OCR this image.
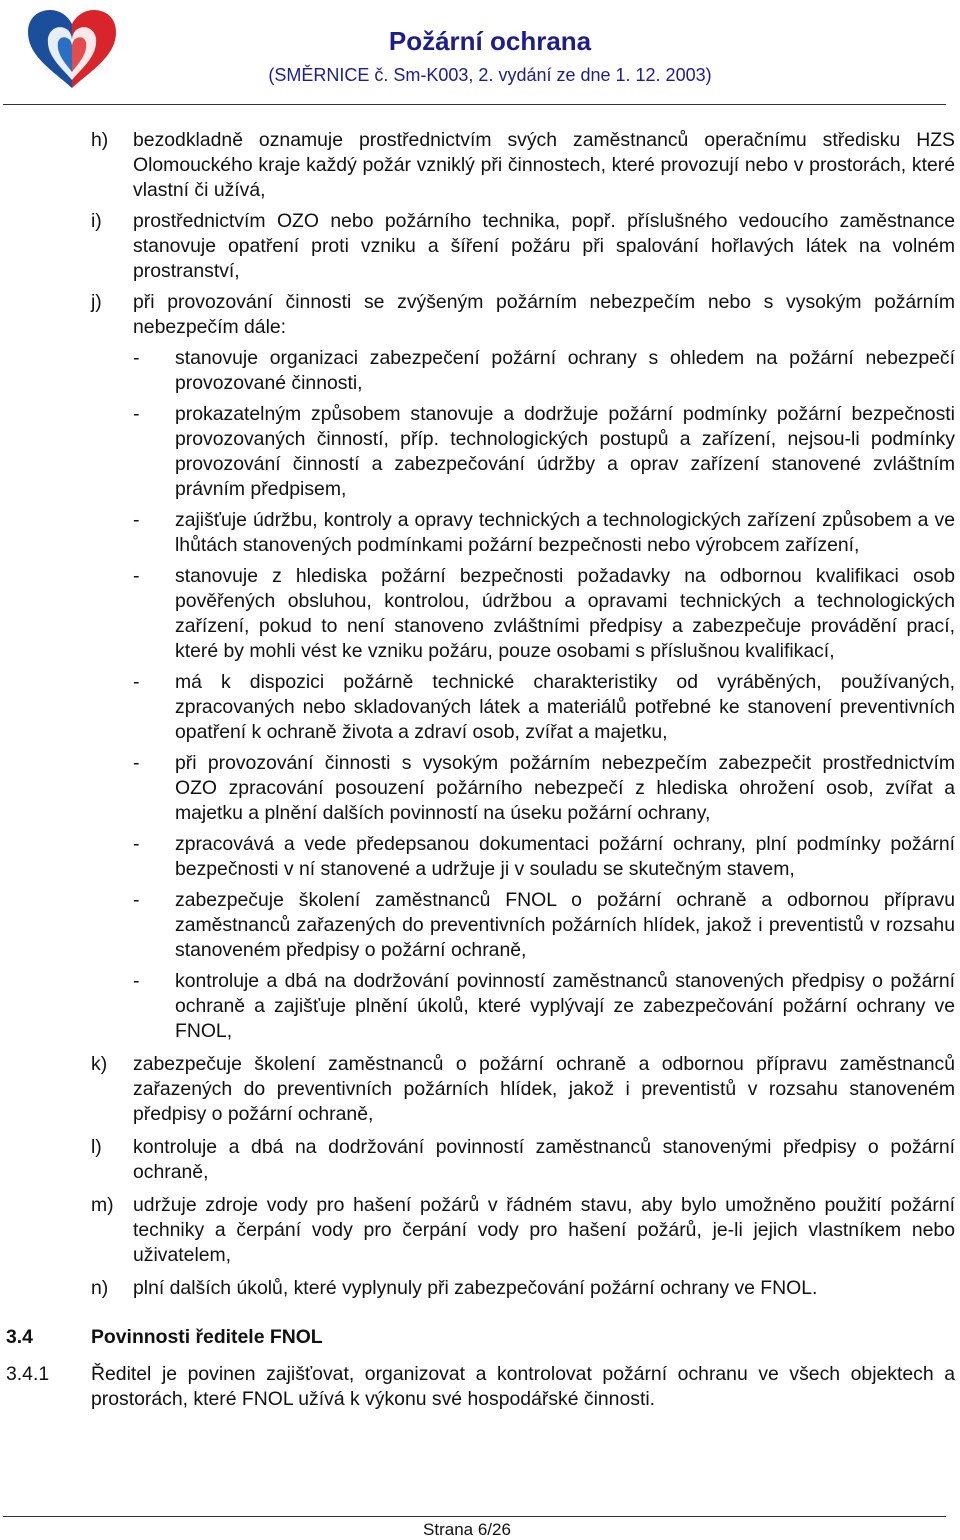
Požární ochrana
(SMĚRNICE č. Sm-K003, 2. vydání ze dne 1. 12. 2003)
h) bezodkladně oznamuje prostřednictvím svých zaměstnanců operačnímu středisku HZS Olomouckého kraje každý požár vzniklý při činnostech, které provozují nebo v prostorách, které vlastní či užívá,
i) prostřednictvím OZO nebo požárního technika, popř. příslušného vedoucího zaměstnance stanovuje opatření proti vzniku a šíření požáru při spalování hořlavých látek na volném prostranství,
j) při provozování činnosti se zvýšeným požárním nebezpečím nebo s vysokým požárním nebezpečím dále:
- stanovuje organizaci zabezpečení požární ochrany s ohledem na požární nebezpečí provozované činnosti,
- prokazatelným způsobem stanovuje a dodržuje požární podmínky požární bezpečnosti provozovaných činností, příp. technologických postupů a zařízení, nejsou-li podmínky provozování činností a zabezpečování údržby a oprav zařízení stanovené zvláštním právním předpisem,
- zajišťuje údržbu, kontroly a opravy technických a technologických zařízení způsobem a ve lhůtách stanovených podmínkami požární bezpečnosti nebo výrobcem zařízení,
- stanovuje z hlediska požární bezpečnosti požadavky na odbornou kvalifikaci osob pověřených obsluhou, kontrolou, údržbou a opravami technických a technologických zařízení, pokud to není stanoveno zvláštními předpisy a zabezpečuje provádění prací, které by mohli vést ke vzniku požáru, pouze osobami s příslušnou kvalifikací,
- má k dispozici požárně technické charakteristiky od vyráběných, používaných, zpracovaných nebo skladovaných látek a materiálů potřebné ke stanovení preventivních opatření k ochraně života a zdraví osob, zvířat a majetku,
- při provozování činnosti s vysokým požárním nebezpečím zabezpečit prostřednictvím OZO zpracování posouzení požárního nebezpečí z hlediska ohrožení osob, zvířat a majetku a plnění dalších povinností na úseku požární ochrany,
- zpracovává a vede předepsanou dokumentaci požární ochrany, plní podmínky požární bezpečnosti v ní stanovené a udržuje ji v souladu se skutečným stavem,
- zabezpečuje školení zaměstnanců FNOL o požární ochraně a odbornou přípravu zaměstnanců zařazených do preventivních požárních hlídek, jakož i preventistů v rozsahu stanoveném předpisy o požární ochraně,
- kontroluje a dbá na dodržování povinností zaměstnanců stanovených předpisy o požární ochraně a zajišťuje plnění úkolů, které vyplývají ze zabezpečování požární ochrany ve FNOL,
k) zabezpečuje školení zaměstnanců o požární ochraně a odbornou přípravu zaměstnanců zařazených do preventivních požárních hlídek, jakož i preventistů v rozsahu stanoveném předpisy o požární ochraně,
l) kontroluje a dbá na dodržování povinností zaměstnanců stanovenými předpisy o požární ochraně,
m) udržuje zdroje vody pro hašení požárů v řádném stavu, aby bylo umožněno použití požární techniky a čerpání vody pro čerpání vody pro hašení požárů, je-li jejich vlastníkem nebo uživatelem,
n) plní dalších úkolů, které vyplynuly při zabezpečování požární ochrany ve FNOL.
3.4	Povinnosti ředitele FNOL
3.4.1 Ředitel je povinen zajišťovat, organizovat a kontrolovat požární ochranu ve všech objektech a prostorách, které FNOL užívá k výkonu své hospodářské činnosti.
Strana 6/26
